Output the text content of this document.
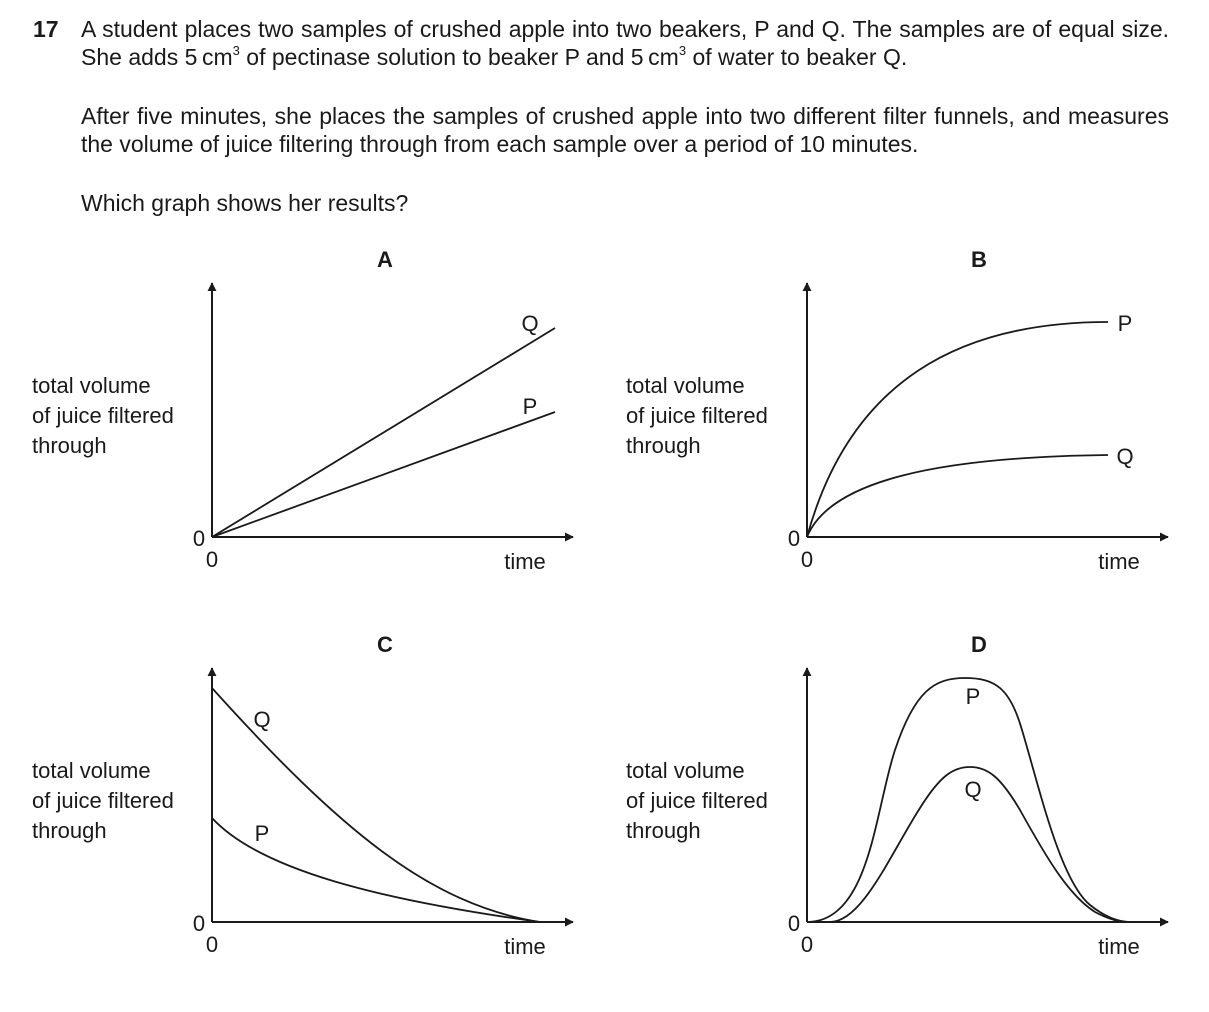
17 A student places two samples of crushed apple into two beakers, P and Q. The samples are of equal size. She adds 5  $cm^3$ of pectinase solution to beaker P and 5  $cm^3$ of water to beaker Q.
After five minutes, she places the samples of crushed apple into two different filter funnels, and measures the volume of juice filtering through from each sample over a period of 10 minutes.
Which graph shows her results?
A
total volume
of juice filtered
through
0
0	time
Q
P
B
total volume
of juice filtered
through
0
0	time
P
Q
C
total volume
of juice filtered
through
0
0	time
Q
P
D
total volume
of juice filtered
through
0
0	time
P
Q
